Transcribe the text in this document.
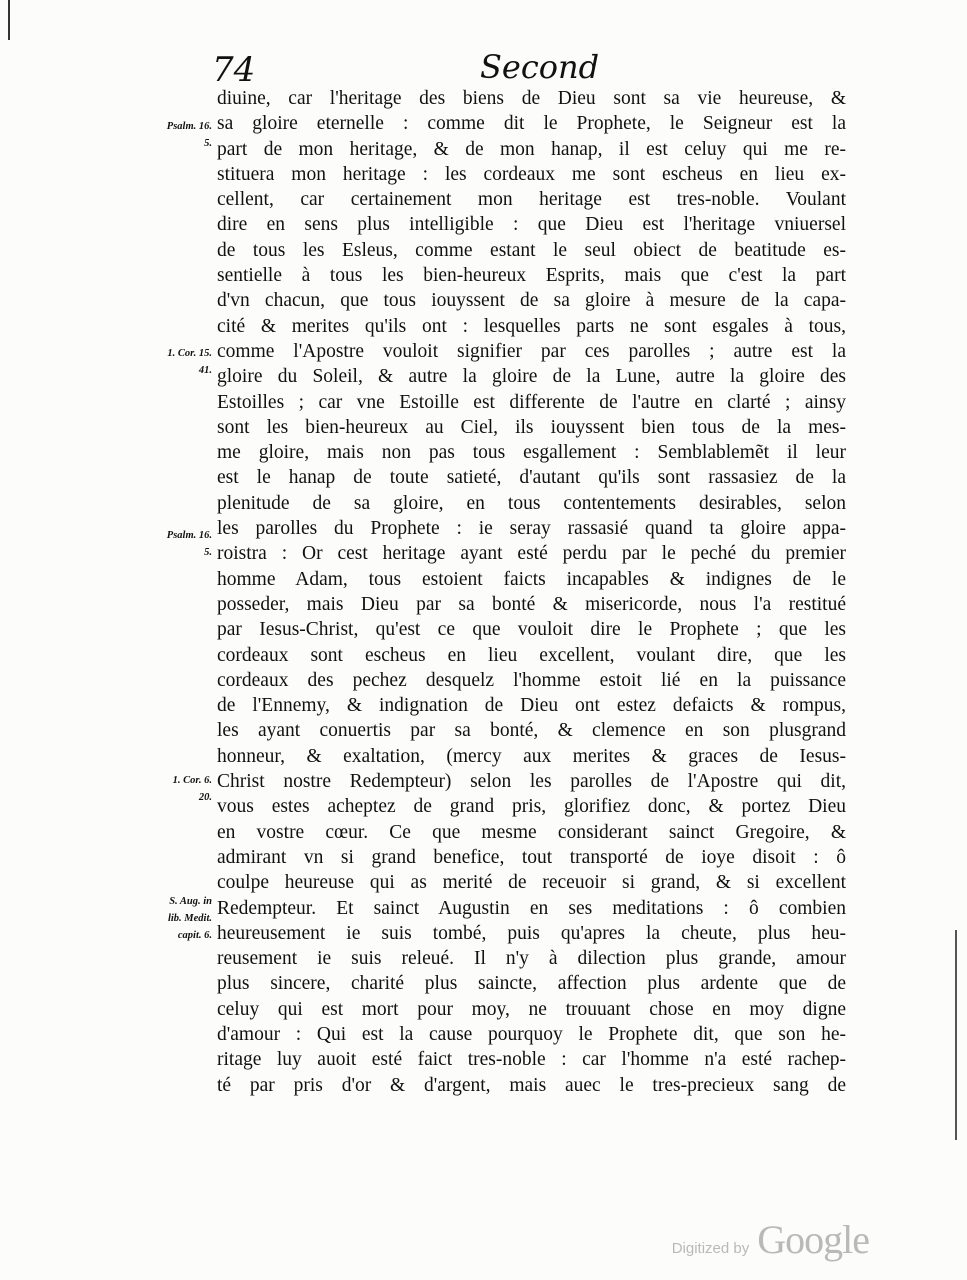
74	Second
diuine, car l'heritage des biens de Dieu sont sa vie heureuse, &
sa gloire eternelle : comme dit le Prophete, le Seigneur est la
part de mon heritage, & de mon hanap, il est celuy qui me re-
stituera mon heritage : les cordeaux me sont escheus en lieu ex-
cellent, car certainement mon heritage est tres-noble. Voulant
dire en sens plus intelligible : que Dieu est l'heritage vniuersel
de tous les Esleus, comme estant le seul obiect de beatitude es-
sentielle à tous les bien-heureux Esprits, mais que c'est la part
d'vn chacun, que tous iouyssent de sa gloire à mesure de la capa-
cité & merites qu'ils ont : lesquelles parts ne sont esgales à tous,
comme l'Apostre vouloit signifier par ces parolles ; autre est la
gloire du Soleil, & autre la gloire de la Lune, autre la gloire des
Estoilles ; car vne Estoille est differente de l'autre en clarté ; ainsy
sont les bien-heureux au Ciel, ils iouyssent bien tous de la mes-
me gloire, mais non pas tous esgallement : Semblablemẽt il leur
est le hanap de toute satieté, d'autant qu'ils sont rassasiez de la
plenitude de sa gloire, en tous contentements desirables, selon
les parolles du Prophete : ie seray rassasié quand ta gloire appa-
roistra : Or cest heritage ayant esté perdu par le peché du premier
homme Adam, tous estoient faicts incapables & indignes de le
posseder, mais Dieu par sa bonté & misericorde, nous l'a restitué
par Iesus-Christ, qu'est ce que vouloit dire le Prophete ; que les
cordeaux sont escheus en lieu excellent, voulant dire, que les
cordeaux des pechez desquelz l'homme estoit lié en la puissance
de l'Ennemy, & indignation de Dieu ont estez defaicts & rompus,
les ayant conuertis par sa bonté, & clemence en son plusgrand
honneur, & exaltation, (mercy aux merites & graces de Iesus-
Christ nostre Redempteur) selon les parolles de l'Apostre qui dit,
vous estes acheptez de grand pris, glorifiez donc, & portez Dieu
en vostre cœur. Ce que mesme considerant sainct Gregoire, &
admirant vn si grand benefice, tout transporté de ioye disoit : ô
coulpe heureuse qui as merité de receuoir si grand, & si excellent
Redempteur. Et sainct Augustin en ses meditations : ô combien
heureusement ie suis tombé, puis qu'apres la cheute, plus heu-
reusement ie suis releué. Il n'y à dilection plus grande, amour
plus sincere, charité plus saincte, affection plus ardente que de
celuy qui est mort pour moy, ne trouuant chose en moy digne
d'amour : Qui est la cause pourquoy le Prophete dit, que son he-
ritage luy auoit esté faict tres-noble : car l'homme n'a esté rachep-
té par pris d'or & d'argent, mais auec le tres-precieux sang de
Psalm. 16.
5.
1. Cor. 15.
41.
Psalm. 16.
5.
1. Cor. 6.
20.
S. Aug. in
lib. Medit.
capit. 6.
Digitized by Google
